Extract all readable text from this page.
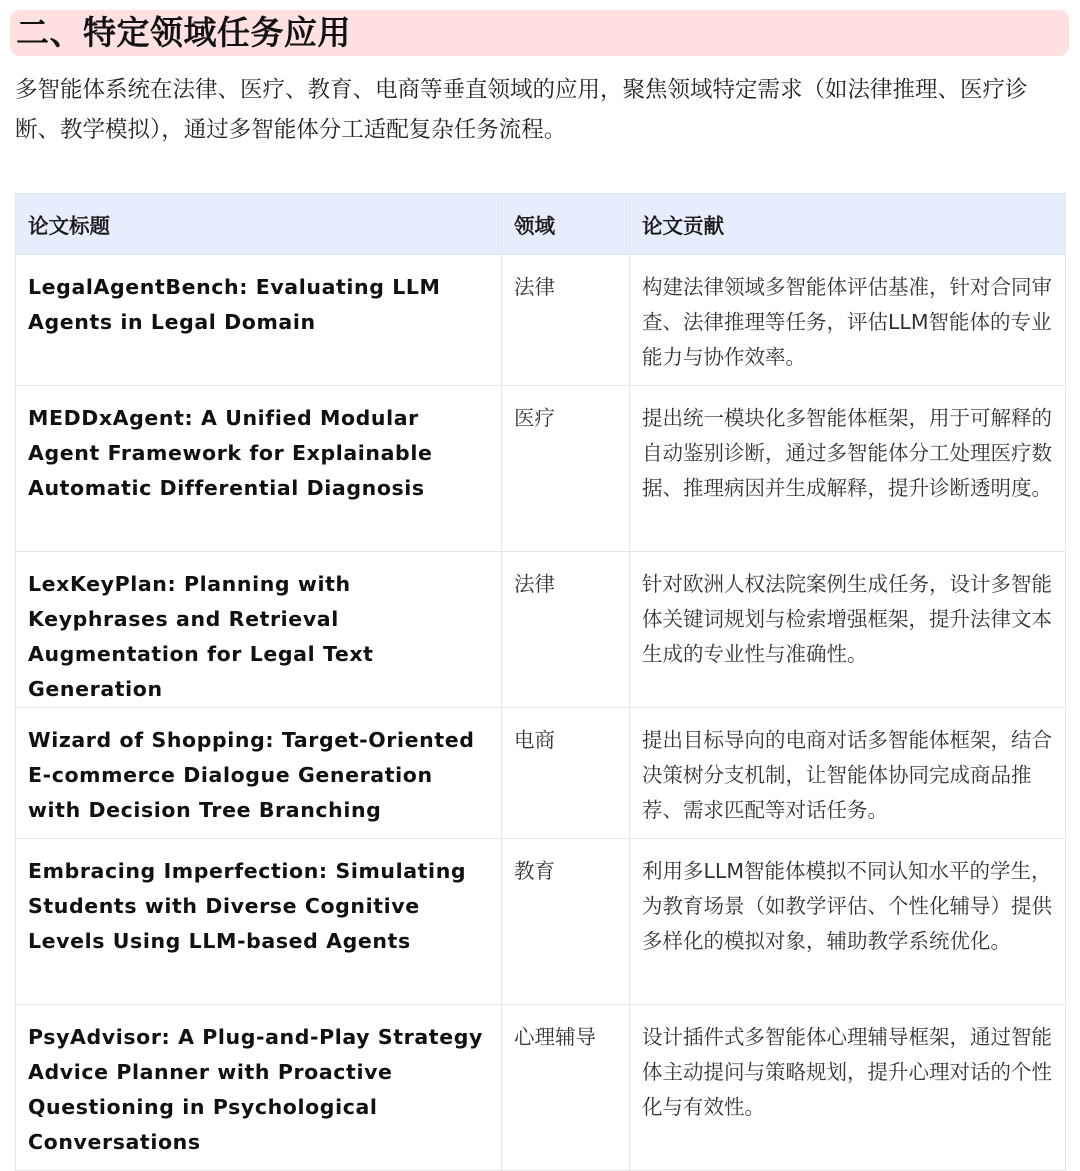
二、特定领域任务应用

多智能体系统在法律、医疗、教育、电商等垂直领域的应用，聚焦领域特定需求（如法律推理、医疗诊断、教学模拟），通过多智能体分工适配复杂任务流程。

论文标题	领域	论文贡献
LegalAgentBench: Evaluating LLM Agents in Legal Domain	法律	构建法律领域多智能体评估基准，针对合同审查、法律推理等任务，评估LLM智能体的专业能力与协作效率。
MEDDxAgent: A Unified Modular Agent Framework for Explainable Automatic Differential Diagnosis	医疗	提出统一模块化多智能体框架，用于可解释的自动鉴别诊断，通过多智能体分工处理医疗数据、推理病因并生成解释，提升诊断透明度。
LexKeyPlan: Planning with Keyphrases and Retrieval Augmentation for Legal Text Generation	法律	针对欧洲人权法院案例生成任务，设计多智能体关键词规划与检索增强框架，提升法律文本生成的专业性与准确性。
Wizard of Shopping: Target-Oriented E-commerce Dialogue Generation with Decision Tree Branching	电商	提出目标导向的电商对话多智能体框架，结合决策树分支机制，让智能体协同完成商品推荐、需求匹配等对话任务。
Embracing Imperfection: Simulating Students with Diverse Cognitive Levels Using LLM-based Agents	教育	利用多LLM智能体模拟不同认知水平的学生，为教育场景（如教学评估、个性化辅导）提供多样化的模拟对象，辅助教学系统优化。
PsyAdvisor: A Plug-and-Play Strategy Advice Planner with Proactive Questioning in Psychological Conversations	心理辅导	设计插件式多智能体心理辅导框架，通过智能体主动提问与策略规划，提升心理对话的个性化与有效性。
